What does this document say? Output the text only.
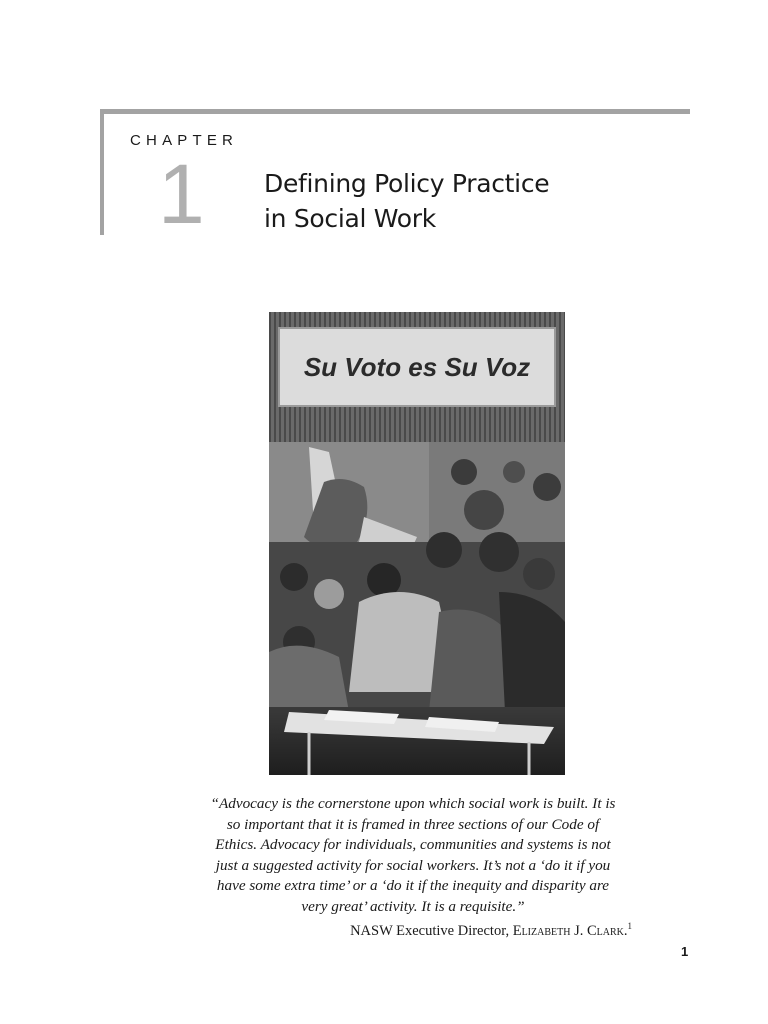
CHAPTER
1 Defining Policy Practice
in Social Work
Su Voto es Su Voz

“Advocacy is the cornerstone upon which social work is built. It is
so important that it is framed in three sections of our Code of
Ethics. Advocacy for individuals, communities and systems is not
just a suggested activity for social workers. It’s not a ‘do it if you
have some extra time’ or a ‘do it if the inequity and disparity are
very great’ activity. It is a requisite.”

NASW Executive Director, Elizabeth J. Clark.$^1$
1
